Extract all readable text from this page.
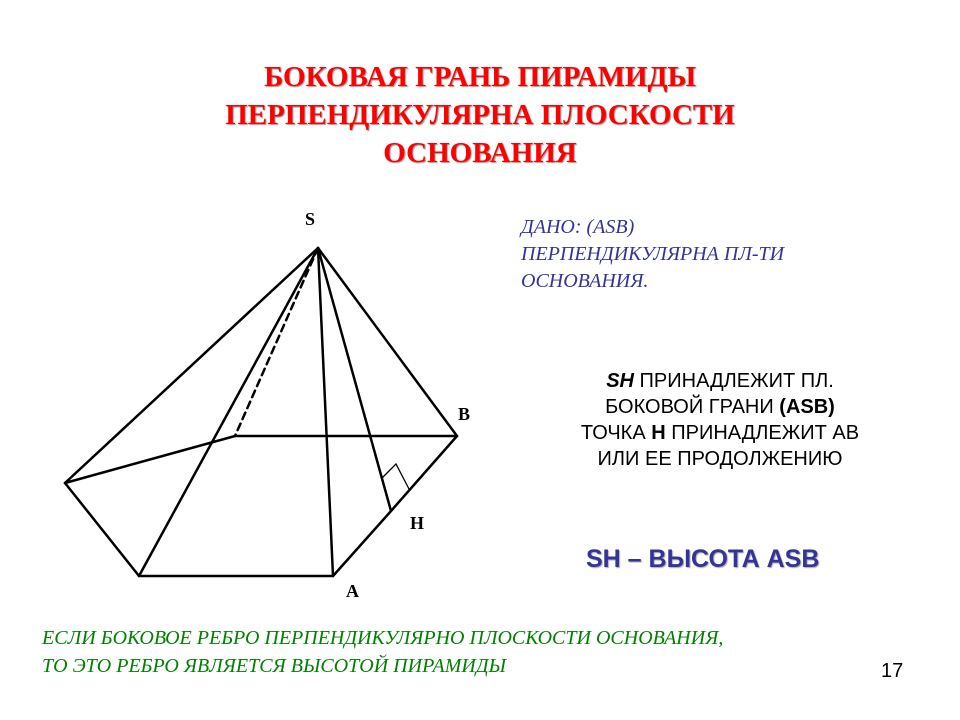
БОКОВАЯ ГРАНЬ ПИРАМИДЫ
ПЕРПЕНДИКУЛЯРНА ПЛОСКОСТИ
ОСНОВАНИЯ
S
B
H
A
ДАНО: (ASB)
ПЕРПЕНДИКУЛЯРНА ПЛ-ТИ
ОСНОВАНИЯ.
SH ПРИНАДЛЕЖИТ ПЛ.
БОКОВОЙ ГРАНИ (ASB)
ТОЧКА H ПРИНАДЛЕЖИТ AB
ИЛИ ЕЕ ПРОДОЛЖЕНИЮ
SH – ВЫСОТА ASB
ЕСЛИ БОКОВОЕ РЕБРО ПЕРПЕНДИКУЛЯРНО ПЛОСКОСТИ ОСНОВАНИЯ,
ТО ЭТО РЕБРО ЯВЛЯЕТСЯ ВЫСОТОЙ ПИРАМИДЫ	17
